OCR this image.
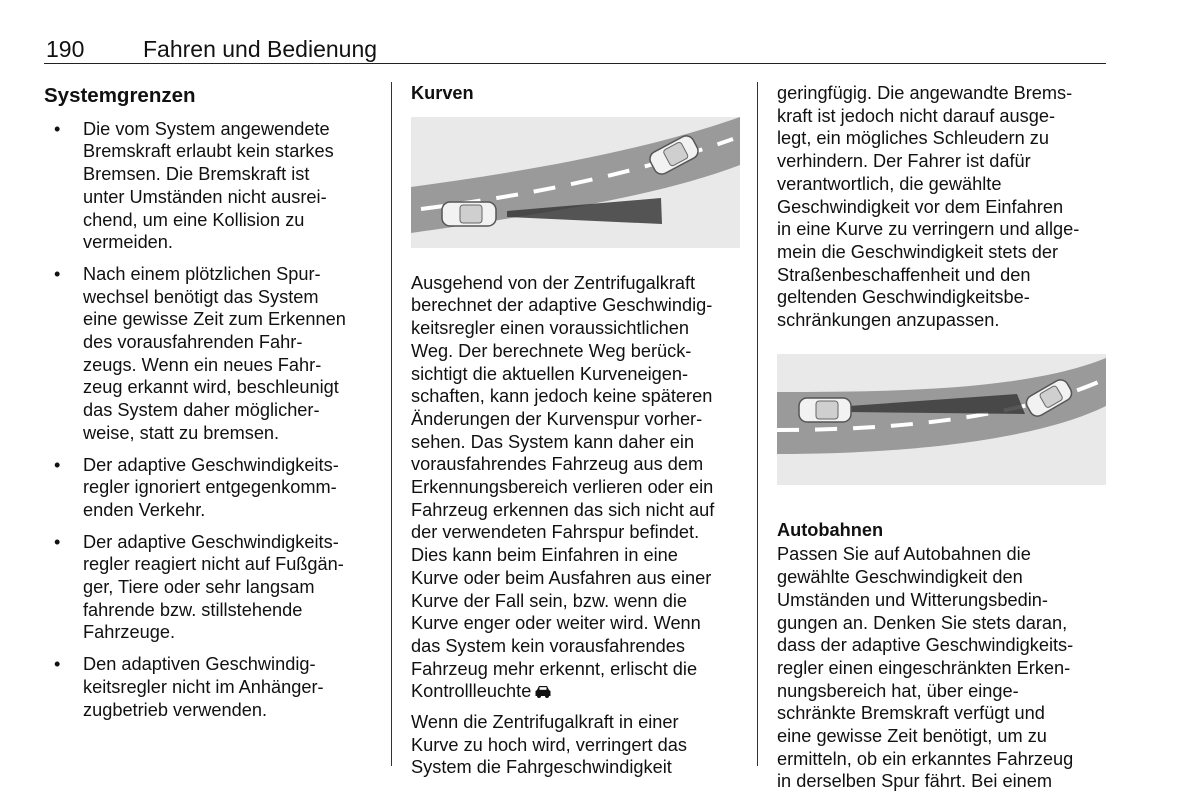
190	Fahren und Bedienung
Systemgrenzen
• Die vom System angewendete
Bremskraft erlaubt kein starkes
Bremsen. Die Bremskraft ist
unter Umständen nicht ausrei‐
chend, um eine Kollision zu
vermeiden.
• Nach einem plötzlichen Spur‐
wechsel benötigt das System
eine gewisse Zeit zum Erkennen
des vorausfahrenden Fahr‐
zeugs. Wenn ein neues Fahr‐
zeug erkannt wird, beschleunigt
das System daher möglicher‐
weise, statt zu bremsen.
• Der adaptive Geschwindigkeits‐
regler ignoriert entgegenkomm‐
enden Verkehr.
• Der adaptive Geschwindigkeits‐
regler reagiert nicht auf Fußgän‐
ger, Tiere oder sehr langsam
fahrende bzw. stillstehende
Fahrzeuge.
• Den adaptiven Geschwindig‐
keitsregler nicht im Anhänger‐
zugbetrieb verwenden.
Kurven
Ausgehend von der Zentrifugalkraft
berechnet der adaptive Geschwindig‐
keitsregler einen voraussichtlichen
Weg. Der berechnete Weg berück‐
sichtigt die aktuellen Kurveneigen‐
schaften, kann jedoch keine späteren
Änderungen der Kurvenspur vorher‐
sehen. Das System kann daher ein
vorausfahrendes Fahrzeug aus dem
Erkennungsbereich verlieren oder ein
Fahrzeug erkennen das sich nicht auf
der verwendeten Fahrspur befindet.
Dies kann beim Einfahren in eine
Kurve oder beim Ausfahren aus einer
Kurve der Fall sein, bzw. wenn die
Kurve enger oder weiter wird. Wenn
das System kein vorausfahrendes
Fahrzeug mehr erkennt, erlischt die
Kontrollleuchte
Wenn die Zentrifugalkraft in einer
Kurve zu hoch wird, verringert das
System die Fahrgeschwindigkeit
geringfügig. Die angewandte Brems‐
kraft ist jedoch nicht darauf ausge‐
legt, ein mögliches Schleudern zu
verhindern. Der Fahrer ist dafür
verantwortlich, die gewählte
Geschwindigkeit vor dem Einfahren
in eine Kurve zu verringern und allge‐
mein die Geschwindigkeit stets der
Straßenbeschaffenheit und den
geltenden Geschwindigkeitsbe‐
schränkungen anzupassen.
Autobahnen
Passen Sie auf Autobahnen die
gewählte Geschwindigkeit den
Umständen und Witterungsbedin‐
gungen an. Denken Sie stets daran,
dass der adaptive Geschwindigkeits‐
regler einen eingeschränkten Erken‐
nungsbereich hat, über einge‐
schränkte Bremskraft verfügt und
eine gewisse Zeit benötigt, um zu
ermitteln, ob ein erkanntes Fahrzeug
in derselben Spur fährt. Bei einem
